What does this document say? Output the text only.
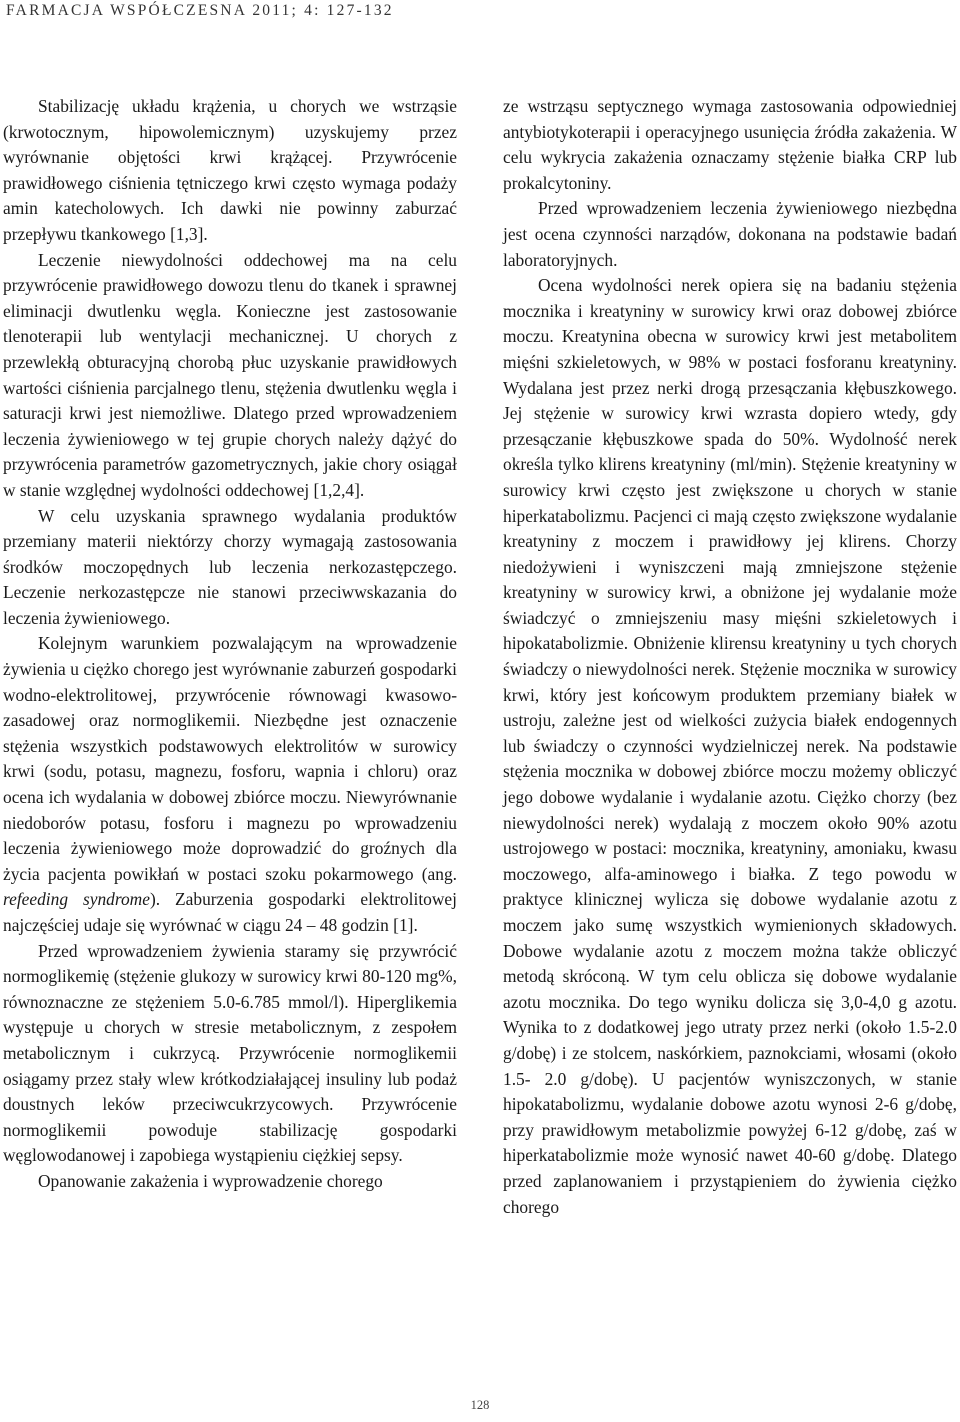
FARMACJA WSPÓŁCZESNA 2011; 4: 127-132

Stabilizację układu krążenia, u chorych we wstrząsie (krwotocznym, hipowolemicznym) uzyskujemy przez wyrównanie objętości krwi krążącej. Przywrócenie prawidłowego ciśnienia tętniczego krwi często wymaga podaży amin katecholowych. Ich dawki nie powinny zaburzać przepływu tkankowego [1,3].

Leczenie niewydolności oddechowej ma na celu przywrócenie prawidłowego dowozu tlenu do tkanek i sprawnej eliminacji dwutlenku węgla. Konieczne jest zastosowanie tlenoterapii lub wentylacji mechanicznej. U chorych z przewlekłą obturacyjną chorobą płuc uzyskanie prawidłowych wartości ciśnienia parcjalnego tlenu, stężenia dwutlenku węgla i saturacji krwi jest niemożliwe. Dlatego przed wprowadzeniem leczenia żywieniowego w tej grupie chorych należy dążyć do przywrócenia parametrów gazometrycznych, jakie chory osiągał w stanie względnej wydolności oddechowej [1,2,4].

W celu uzyskania sprawnego wydalania produktów przemiany materii niektórzy chorzy wymagają zastosowania środków moczopędnych lub leczenia nerkozastępczego. Leczenie nerkozastępcze nie stanowi przeciwwskazania do leczenia żywieniowego.

Kolejnym warunkiem pozwalającym na wprowadzenie żywienia u ciężko chorego jest wyrównanie zaburzeń gospodarki wodno-elektrolitowej, przywrócenie równowagi kwasowo-zasadowej oraz normoglikemii. Niezbędne jest oznaczenie stężenia wszystkich podstawowych elektrolitów w surowicy krwi (sodu, potasu, magnezu, fosforu, wapnia i chloru) oraz ocena ich wydalania w dobowej zbiórce moczu. Niewyrównanie niedoborów potasu, fosforu i magnezu po wprowadzeniu leczenia żywieniowego może doprowadzić do groźnych dla życia pacjenta powikłań w postaci szoku pokarmowego (ang. refeeding syndrome). Zaburzenia gospodarki elektrolitowej najczęściej udaje się wyrównać w ciągu 24 – 48 godzin [1].

Przed wprowadzeniem żywienia staramy się przywrócić normoglikemię (stężenie glukozy w surowicy krwi 80-120 mg%, równoznaczne ze stężeniem 5.0-6.785 mmol/l). Hiperglikemia występuje u chorych w stresie metabolicznym, z zespołem metabolicznym i cukrzycą. Przywrócenie normoglikemii osiągamy przez stały wlew krótkodziałającej insuliny lub podaż doustnych leków przeciwcukrzycowych. Przywrócenie normoglikemii powoduje stabilizację gospodarki węglowodanowej i zapobiega wystąpieniu ciężkiej sepsy.

Opanowanie zakażenia i wyprowadzenie chorego

ze wstrząsu septycznego wymaga zastosowania odpowiedniej antybiotykoterapii i operacyjnego usunięcia źródła zakażenia. W celu wykrycia zakażenia oznaczamy stężenie białka CRP lub prokalcytoniny.

Przed wprowadzeniem leczenia żywieniowego niezbędna jest ocena czynności narządów, dokonana na podstawie badań laboratoryjnych.

Ocena wydolności nerek opiera się na badaniu stężenia mocznika i kreatyniny w surowicy krwi oraz dobowej zbiórce moczu. Kreatynina obecna w surowicy krwi jest metabolitem mięśni szkieletowych, w 98% w postaci fosforanu kreatyniny. Wydalana jest przez nerki drogą przesączania kłębuszkowego. Jej stężenie w surowicy krwi wzrasta dopiero wtedy, gdy przesączanie kłębuszkowe spada do 50%. Wydolność nerek określa tylko klirens kreatyniny (ml/min). Stężenie kreatyniny w surowicy krwi często jest zwiększone u chorych w stanie hiperkatabolizmu. Pacjenci ci mają często zwiększone wydalanie kreatyniny z moczem i prawidłowy jej klirens. Chorzy niedożywieni i wyniszczeni mają zmniejszone stężenie kreatyniny w surowicy krwi, a obniżone jej wydalanie może świadczyć o zmniejszeniu masy mięśni szkieletowych i hipokatabolizmie. Obniżenie klirensu kreatyniny u tych chorych świadczy o niewydolności nerek. Stężenie mocznika w surowicy krwi, który jest końcowym produktem przemiany białek w ustroju, zależne jest od wielkości zużycia białek endogennych lub świadczy o czynności wydzielniczej nerek. Na podstawie stężenia mocznika w dobowej zbiórce moczu możemy obliczyć jego dobowe wydalanie i wydalanie azotu. Ciężko chorzy (bez niewydolności nerek) wydalają z moczem około 90% azotu ustrojowego w postaci: mocznika, kreatyniny, amoniaku, kwasu moczowego, alfa-aminowego i białka. Z tego powodu w praktyce klinicznej wylicza się dobowe wydalanie azotu z moczem jako sumę wszystkich wymienionych składowych. Dobowe wydalanie azotu z moczem można także obliczyć metodą skróconą. W tym celu oblicza się dobowe wydalanie azotu mocznika. Do tego wyniku dolicza się 3,0-4,0 g azotu. Wynika to z dodatkowej jego utraty przez nerki (około 1.5-2.0 g/dobę) i ze stolcem, naskórkiem, paznokciami, włosami (około 1.5- 2.0 g/dobę). U pacjentów wyniszczonych, w stanie hipokatabolizmu, wydalanie dobowe azotu wynosi 2-6 g/dobę, przy prawidłowym metabolizmie powyżej 6-12 g/dobę, zaś w hiperkatabolizmie może wynosić nawet 40-60 g/dobę. Dlatego przed zaplanowaniem i przystąpieniem do żywienia ciężko chorego

128
